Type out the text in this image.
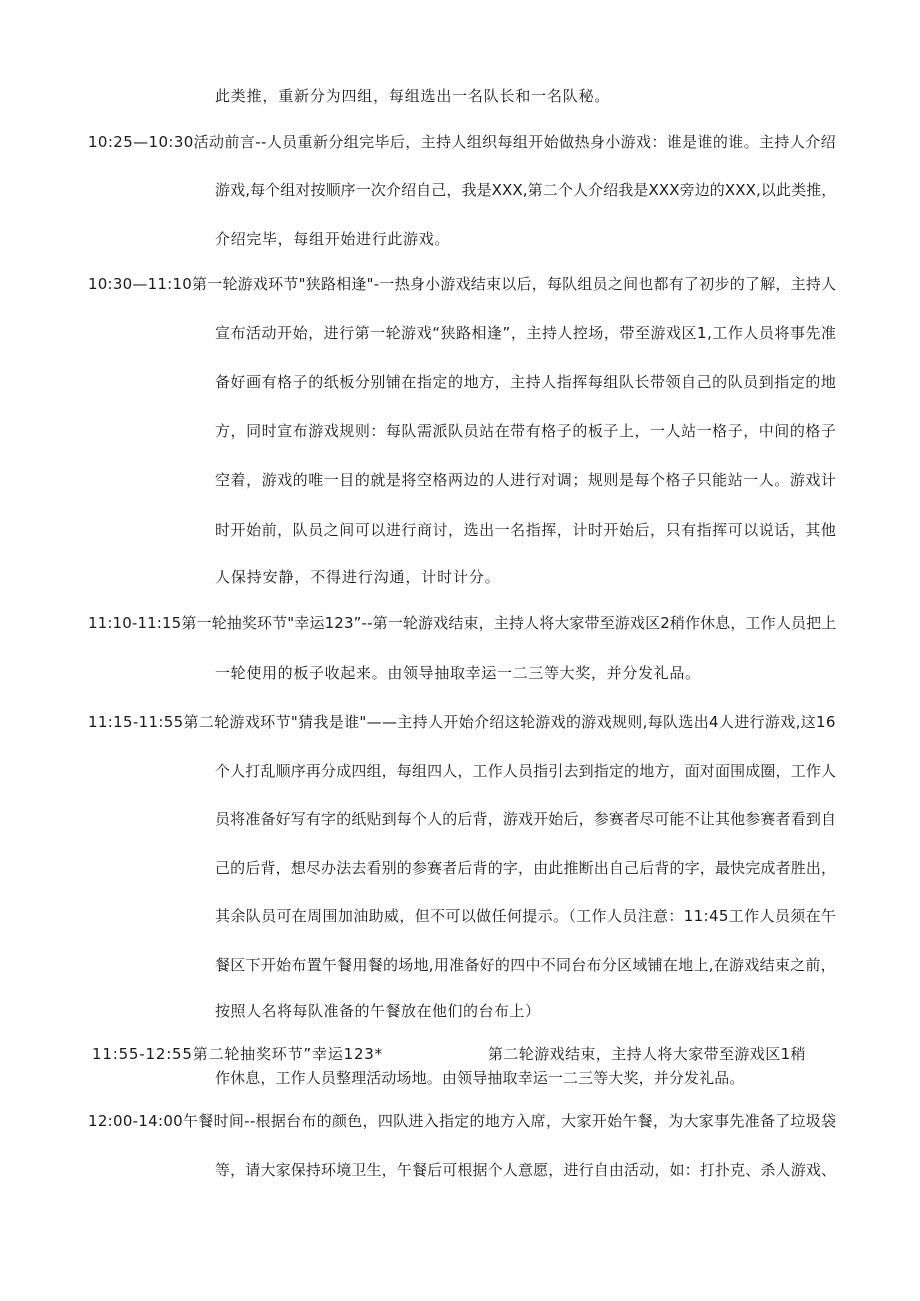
此类推，重新分为四组，每组选出一名队长和一名队秘。
10:25—10:30活动前言--人员重新分组完毕后，主持人组织每组开始做热身小游戏：谁是谁的谁。主持人介绍
游戏,每个组对按顺序一次介绍自己，我是XXX,第二个人介绍我是XXX旁边的XXX,以此类推，
介绍完毕，每组开始进行此游戏。
10:30—11:10第一轮游戏环节"狭路相逢"-一热身小游戏结束以后，每队组员之间也都有了初步的了解，主持人
宣布活动开始，进行第一轮游戏“狭路相逢”，主持人控场，带至游戏区1,工作人员将事先准
备好画有格子的纸板分别铺在指定的地方，主持人指挥每组队长带领自己的队员到指定的地
方，同时宣布游戏规则：每队需派队员站在带有格子的板子上，一人站一格子，中间的格子
空着，游戏的唯一目的就是将空格两边的人进行对调；规则是每个格子只能站一人。游戏计
时开始前，队员之间可以进行商讨，选出一名指挥，计时开始后，只有指挥可以说话，其他
人保持安静，不得进行沟通，计时计分。
11:10-11:15第一轮抽奖环节"幸运123”--第一轮游戏结束，主持人将大家带至游戏区2稍作休息，工作人员把上
一轮使用的板子收起来。由领导抽取幸运一二三等大奖，并分发礼品。
11:15-11:55第二轮游戏环节"猜我是谁"——主持人开始介绍这轮游戏的游戏规则,每队选出4人进行游戏,这16
个人打乱顺序再分成四组，每组四人，工作人员指引去到指定的地方，面对面围成圈，工作人
员将准备好写有字的纸贴到每个人的后背，游戏开始后，参赛者尽可能不让其他参赛者看到自
己的后背，想尽办法去看别的参赛者后背的字，由此推断出自己后背的字，最快完成者胜出，
其余队员可在周围加油助威，但不可以做任何提示。（工作人员注意：11:45工作人员须在午
餐区下开始布置午餐用餐的场地,用准备好的四中不同台布分区域铺在地上,在游戏结束之前，
按照人名将每队准备的午餐放在他们的台布上）
11:55-12:55第二轮抽奖环节”幸运123*	第二轮游戏结束，主持人将大家带至游戏区1稍
作休息，工作人员整理活动场地。由领导抽取幸运一二三等大奖，并分发礼品。
12:00-14:00午餐时间--根据台布的颜色，四队进入指定的地方入席，大家开始午餐，为大家事先准备了垃圾袋
等，请大家保持环境卫生，午餐后可根据个人意愿，进行自由活动，如：打扑克、杀人游戏、
